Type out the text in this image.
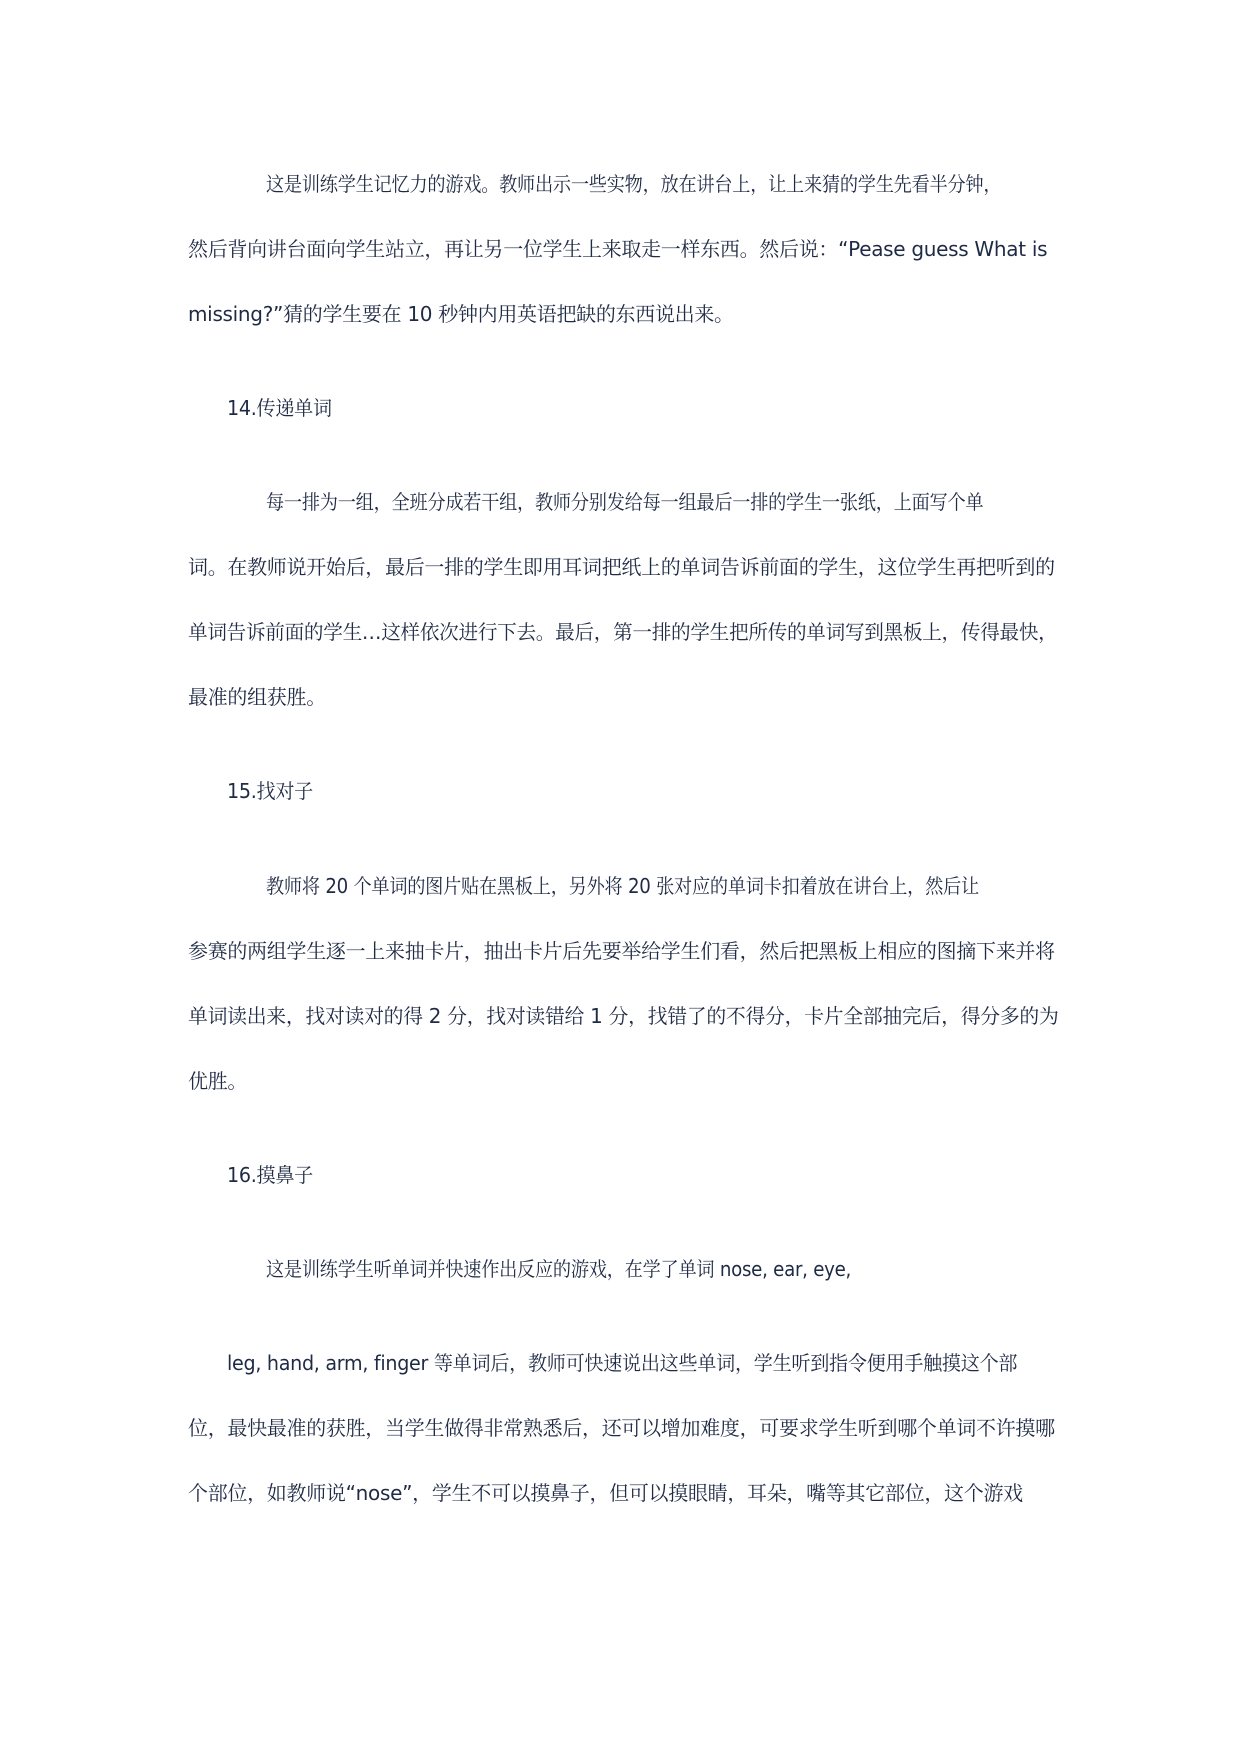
这是训练学生记忆力的游戏。教师出示一些实物，放在讲台上，让上来猜的学生先看半分钟，
然后背向讲台面向学生站立，再让另一位学生上来取走一样东西。然后说：“Pease guess What is
missing?”猜的学生要在 10 秒钟内用英语把缺的东西说出来。
14.传递单词
每一排为一组，全班分成若干组，教师分别发给每一组最后一排的学生一张纸，上面写个单
词。在教师说开始后，最后一排的学生即用耳词把纸上的单词告诉前面的学生，这位学生再把听到的
单词告诉前面的学生…这样依次进行下去。最后，第一排的学生把所传的单词写到黑板上，传得最快，
最准的组获胜。
15.找对子
教师将 20 个单词的图片贴在黑板上，另外将 20 张对应的单词卡扣着放在讲台上，然后让
参赛的两组学生逐一上来抽卡片，抽出卡片后先要举给学生们看，然后把黑板上相应的图摘下来并将
单词读出来，找对读对的得 2 分，找对读错给 1 分，找错了的不得分，卡片全部抽完后，得分多的为
优胜。
16.摸鼻子
这是训练学生听单词并快速作出反应的游戏，在学了单词 nose, ear, eye,
leg, hand, arm, finger 等单词后，教师可快速说出这些单词，学生听到指令便用手触摸这个部
位，最快最准的获胜，当学生做得非常熟悉后，还可以增加难度，可要求学生听到哪个单词不许摸哪
个部位，如教师说“nose”，学生不可以摸鼻子，但可以摸眼睛，耳朵，嘴等其它部位，这个游戏
